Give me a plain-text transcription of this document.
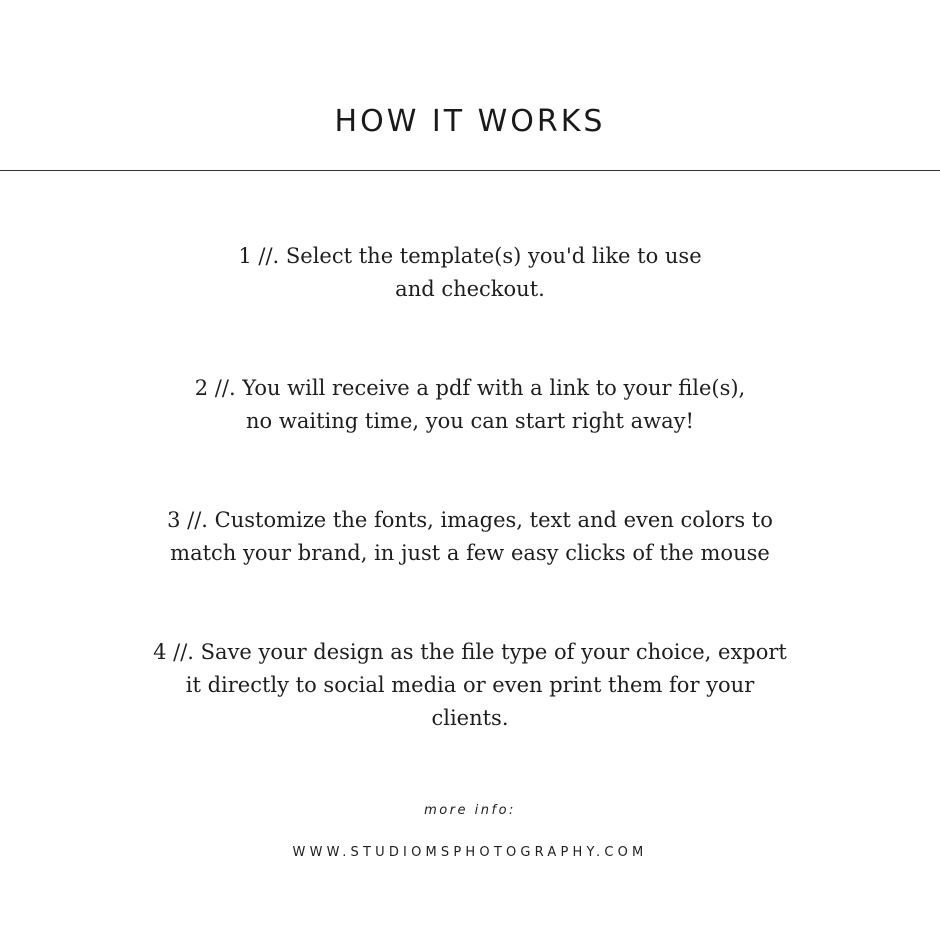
HOW IT WORKS

1 //. Select the template(s) you'd like to use
and checkout.

2 //. You will receive a pdf with a link to your file(s),
no waiting time, you can start right away!

3 //. Customize the fonts, images, text and even colors to
match your brand, in just a few easy clicks of the mouse

4 //. Save your design as the file type of your choice, export
it directly to social media or even print them for your
clients.

more info:
WWW.STUDIOMSPHOTOGRAPHY.COM
